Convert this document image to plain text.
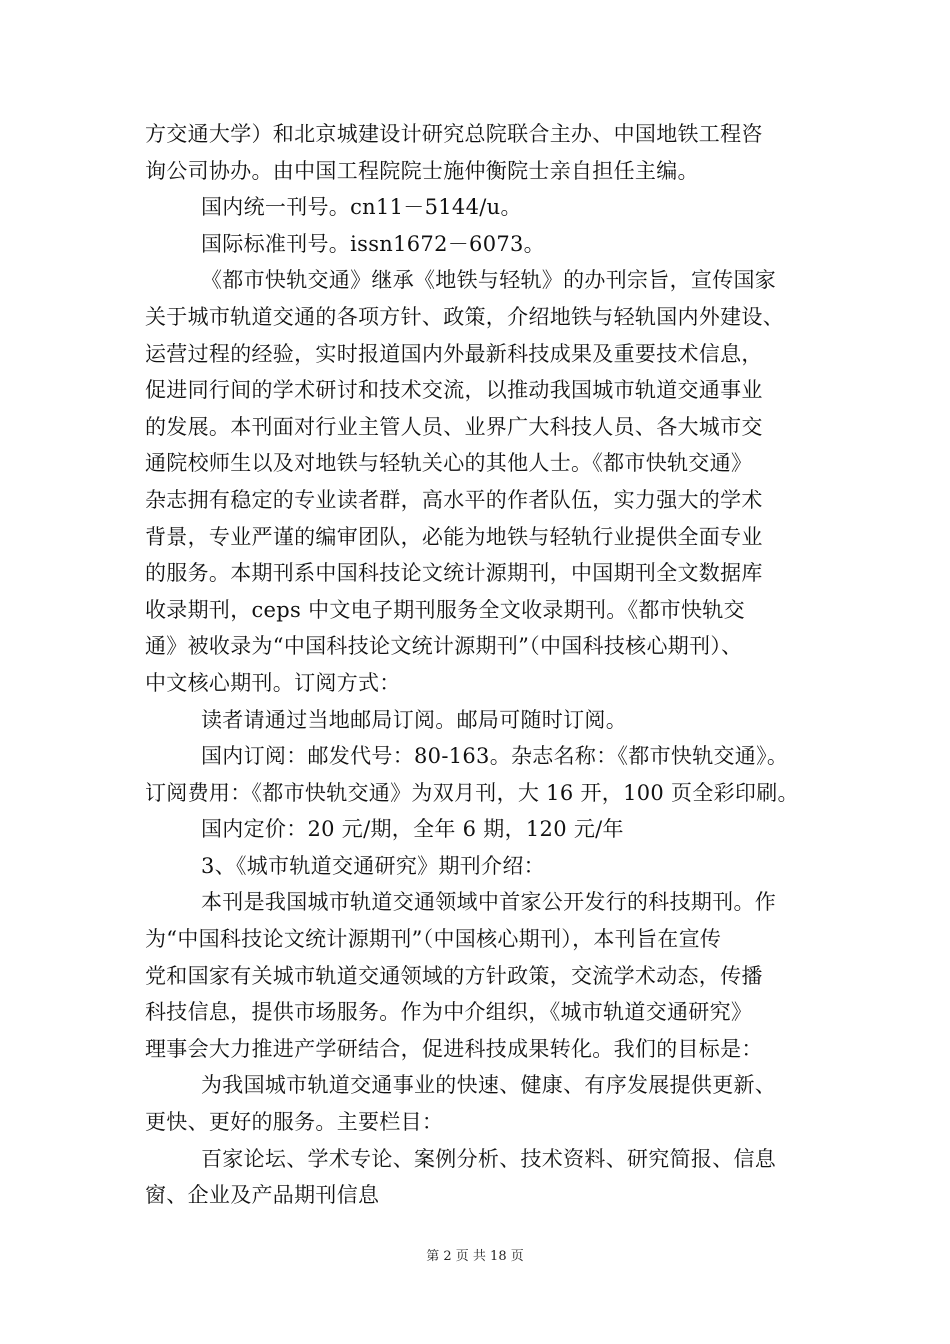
方交通大学）和北京城建设计研究总院联合主办、中国地铁工程咨

询公司协办。由中国工程院院士施仲衡院士亲自担任主编。

国内统一刊号。cn11－5144/u。

国际标准刊号。issn1672－6073。

《都市快轨交通》继承《地铁与轻轨》的办刊宗旨，宣传国家

关于城市轨道交通的各项方针、政策，介绍地铁与轻轨国内外建设、

运营过程的经验，实时报道国内外最新科技成果及重要技术信息，

促进同行间的学术研讨和技术交流，以推动我国城市轨道交通事业

的发展。本刊面对行业主管人员、业界广大科技人员、各大城市交

通院校师生以及对地铁与轻轨关心的其他人士。《都市快轨交通》

杂志拥有稳定的专业读者群，高水平的作者队伍，实力强大的学术

背景，专业严谨的编审团队，必能为地铁与轻轨行业提供全面专业

的服务。本期刊系中国科技论文统计源期刊，中国期刊全文数据库

收录期刊，ceps 中文电子期刊服务全文收录期刊。《都市快轨交

通》被收录为“中国科技论文统计源期刊”（中国科技核心期刊）、

中文核心期刊。订阅方式：

读者请通过当地邮局订阅。邮局可随时订阅。

国内订阅：邮发代号：80-163。杂志名称：《都市快轨交通》。

订阅费用：《都市快轨交通》为双月刊，大 16 开，100 页全彩印刷。

国内定价：20 元/期，全年 6 期，120 元/年

3、《城市轨道交通研究》期刊介绍：

本刊是我国城市轨道交通领域中首家公开发行的科技期刊。作

为“中国科技论文统计源期刊”（中国核心期刊），本刊旨在宣传

党和国家有关城市轨道交通领域的方针政策，交流学术动态，传播

科技信息，提供市场服务。作为中介组织，《城市轨道交通研究》

理事会大力推进产学研结合，促进科技成果转化。我们的目标是：

为我国城市轨道交通事业的快速、健康、有序发展提供更新、

更快、更好的服务。主要栏目：

百家论坛、学术专论、案例分析、技术资料、研究简报、信息

窗、企业及产品期刊信息

第 2 页 共 18 页
